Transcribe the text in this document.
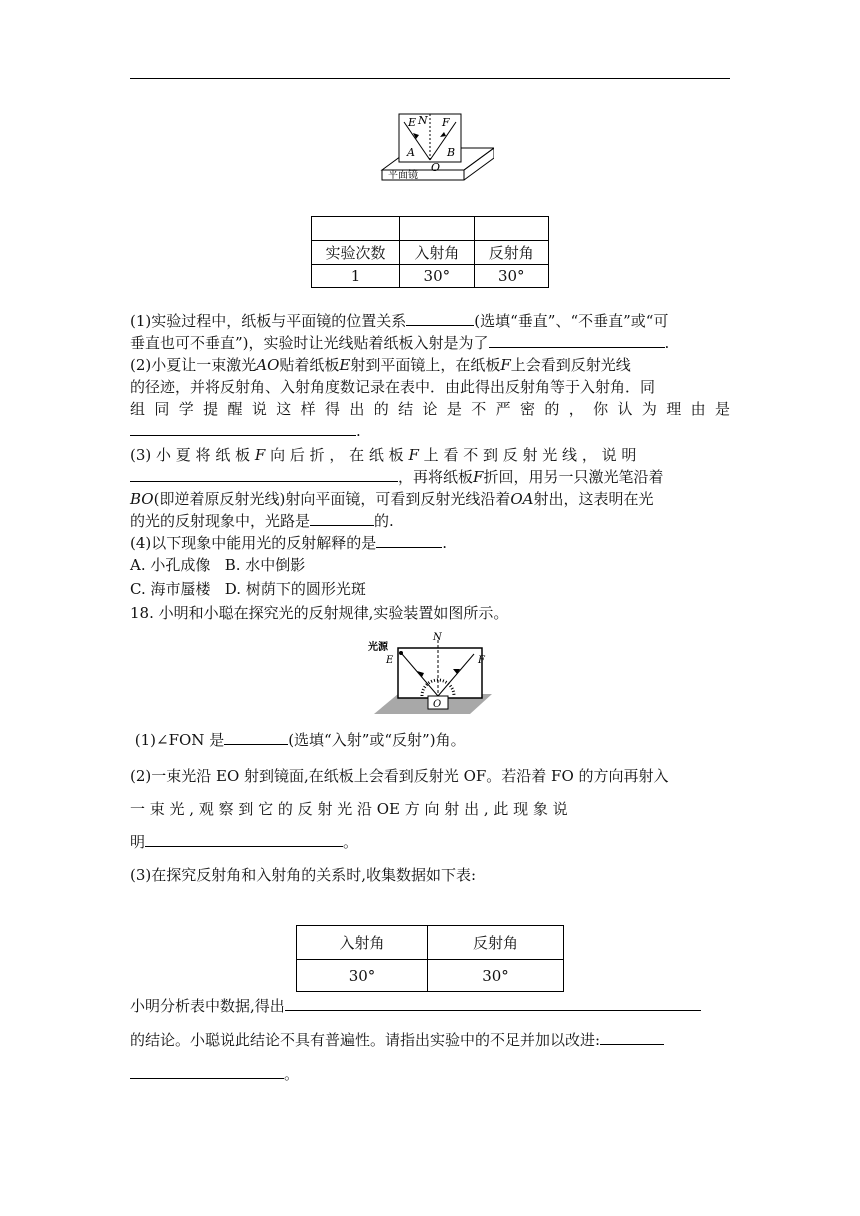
E N F
A	B
O
平面镜

实验次数	入射角	反射角
1	30°	30°
(1)实验过程中，纸板与平面镜的位置关系	(选填“垂直”、“不垂直”或“可
垂直也可不垂直”)，实验时让光线贴着纸板入射是为了	.
(2)小夏让一束激光AO贴着纸板E射到平面镜上，在纸板F上会看到反射光线
的径迹，并将反射角、入射角度数记录在表中．由此得出反射角等于入射角．同
组同学提醒说这样得出的结论是不严密的，你认为理由是
.
(3) 小 夏 将 纸 板 F 向 后 折 ， 在 纸 板 F 上 看 不 到 反 射 光 线 ， 说 明
，再将纸板F折回，用另一只激光笔沿着
BO(即逆着原反射光线)射向平面镜，可看到反射光线沿着OA射出，这表明在光
的光的反射现象中，光路是	的.
(4)以下现象中能用光的反射解释的是	.
A. 小孔成像 B. 水中倒影
C. 海市蜃楼 D. 树荫下的圆形光斑
18. 小明和小聪在探究光的反射规律,实验装置如图所示。
光源
E
N
F
O
(1)∠FON 是	(选填“入射”或“反射”)角。
(2)一束光沿 EO 射到镜面,在纸板上会看到反射光 OF。若沿着 FO 的方向再射入
一 束 光 , 观 察 到 它 的 反 射 光 沿 OE 方 向 射 出 , 此 现 象 说
明	。
(3)在探究反射角和入射角的关系时,收集数据如下表:
入射角	反射角
30°	30°
小明分析表中数据,得出
的结论。小聪说此结论不具有普遍性。请指出实验中的不足并加以改进:
。
